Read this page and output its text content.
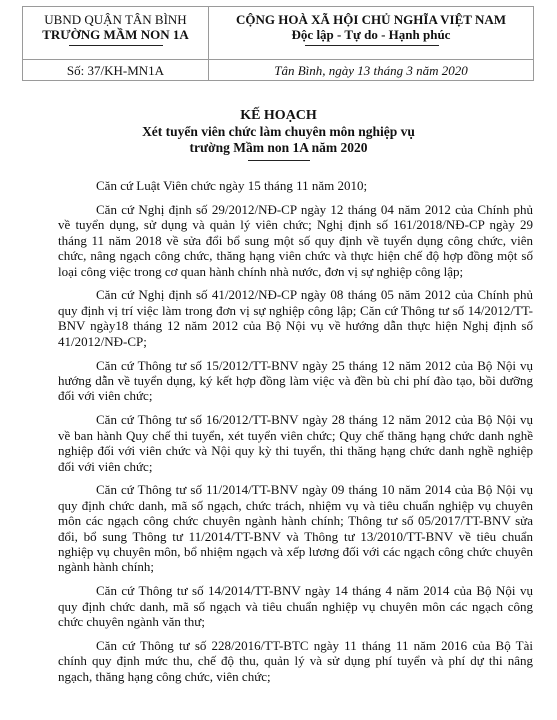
UBND QUẬN TÂN BÌNH
TRƯỜNG MẦM NON 1A
CỘNG HOÀ XÃ HỘI CHỦ NGHĨA VIỆT NAM
Độc lập - Tự do - Hạnh phúc
Số: 37/KH-MN1A	Tân Bình, ngày 13 tháng 3 năm 2020
KẾ HOẠCH
Xét tuyển viên chức làm chuyên môn nghiệp vụ
trường Mầm non 1A năm 2020

Căn cứ Luật Viên chức ngày 15 tháng 11 năm 2010;

Căn cứ Nghị định số 29/2012/NĐ-CP ngày 12 tháng 04 năm 2012 của Chính phủ về tuyển dụng, sử dụng và quản lý viên chức; Nghị định số 161/2018/NĐ-CP ngày 29 tháng 11 năm 2018 về sửa đổi bổ sung một số quy định về tuyển dụng công chức, viên chức, nâng ngạch công chức, thăng hạng viên chức và thực hiện chế độ hợp đồng một số loại công việc trong cơ quan hành chính nhà nước, đơn vị sự nghiệp công lập;

Căn cứ Nghị định số 41/2012/NĐ-CP ngày 08 tháng 05 năm 2012 của Chính phủ quy định vị trí việc làm trong đơn vị sự nghiệp công lập; Căn cứ Thông tư số 14/2012/TT-BNV ngày18 tháng 12 năm 2012 của Bộ Nội vụ về hướng dẫn thực hiện Nghị định số 41/2012/NĐ-CP;

Căn cứ Thông tư số 15/2012/TT-BNV ngày 25 tháng 12 năm 2012 của Bộ Nội vụ hướng dẫn về tuyển dụng, ký kết hợp đồng làm việc và đền bù chi phí đào tạo, bồi dưỡng đối với viên chức;

Căn cứ Thông tư số 16/2012/TT-BNV ngày 28 tháng 12 năm 2012 của Bộ Nội vụ về ban hành Quy chế thi tuyển, xét tuyển viên chức; Quy chế thăng hạng chức danh nghề nghiệp đối với viên chức và Nội quy kỳ thi tuyển, thi thăng hạng chức danh nghề nghiệp đối với viên chức;

Căn cứ Thông tư số 11/2014/TT-BNV ngày 09 tháng 10 năm 2014 của Bộ Nội vụ quy định chức danh, mã số ngạch, chức trách, nhiệm vụ và tiêu chuẩn nghiệp vụ chuyên môn các ngạch công chức chuyên ngành hành chính; Thông tư số 05/2017/TT-BNV sửa đổi, bổ sung Thông tư 11/2014/TT-BNV và Thông tư 13/2010/TT-BNV về tiêu chuẩn nghiệp vụ chuyên môn, bổ nhiệm ngạch và xếp lương đối với các ngạch công chức chuyên ngành hành chính;

Căn cứ Thông tư số 14/2014/TT-BNV ngày 14 tháng 4 năm 2014 của Bộ Nội vụ quy định chức danh, mã số ngạch và tiêu chuẩn nghiệp vụ chuyên môn các ngạch công chức chuyên ngành văn thư;

Căn cứ Thông tư số 228/2016/TT-BTC ngày 11 tháng 11 năm 2016 của Bộ Tài chính quy định mức thu, chế độ thu, quản lý và sử dụng phí tuyển và phí dự thi nâng ngạch, thăng hạng công chức, viên chức;
